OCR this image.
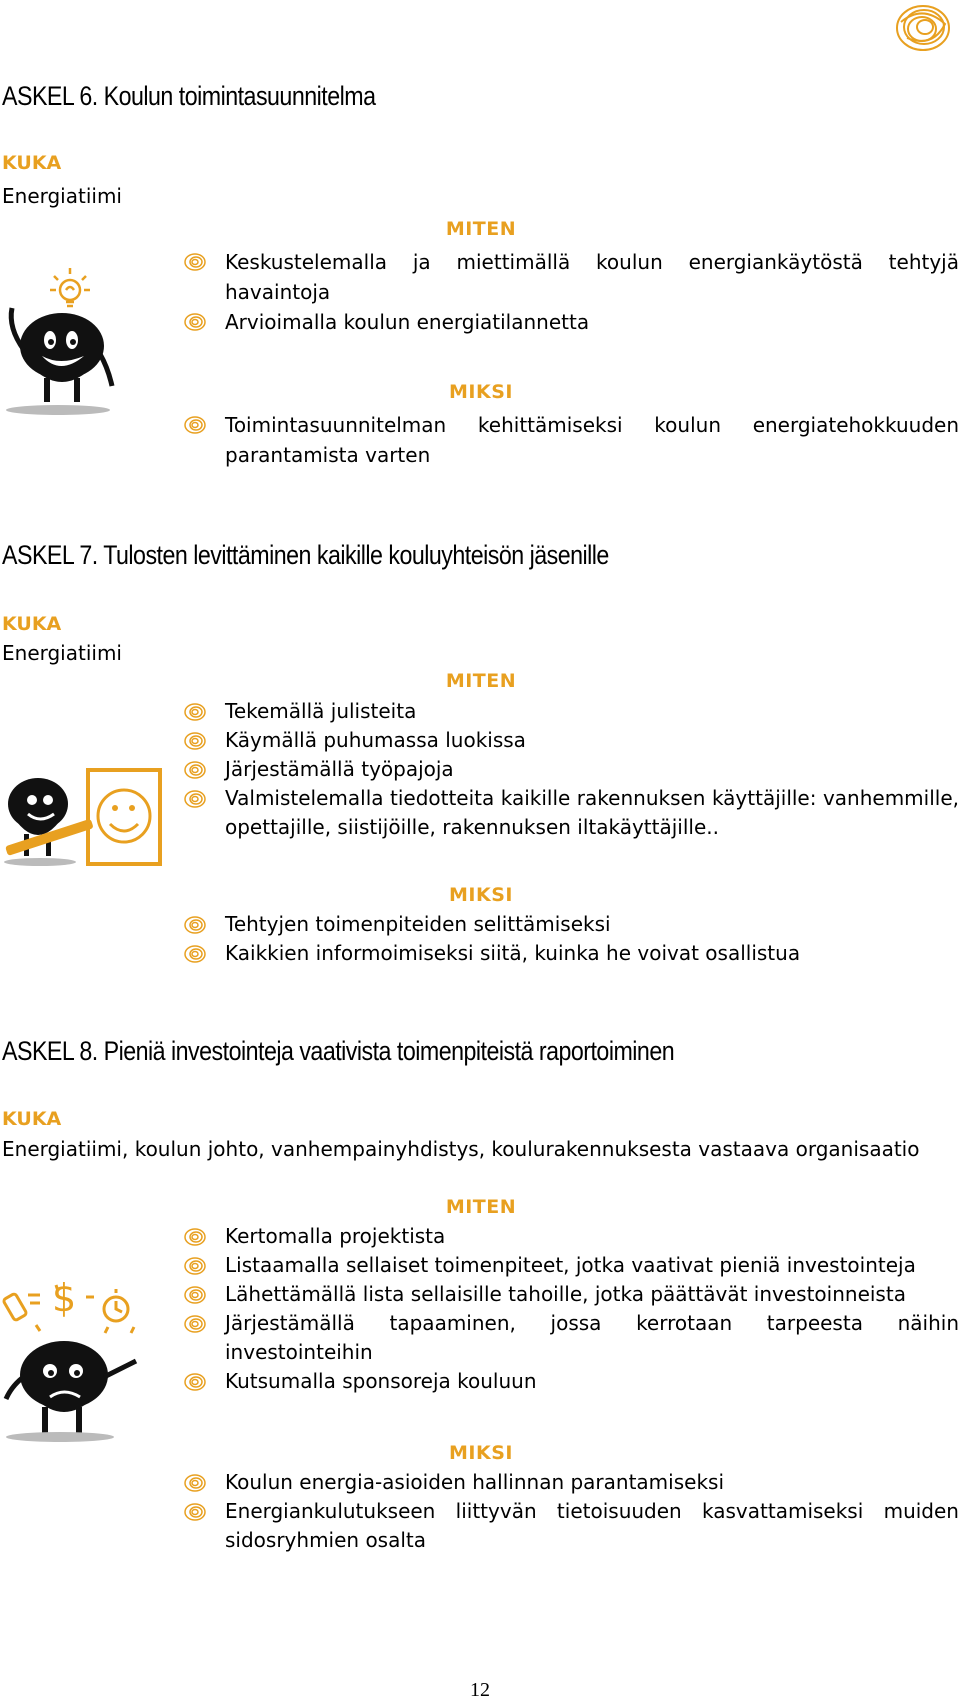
ASKEL 6. Koulun toimintasuunnitelma
KUKA
Energiatiimi
MITEN
Keskustelemalla ja miettimällä koulun energiankäytöstä tehtyjä havaintoja
Arvioimalla koulun energiatilannetta
MIKSI
Toimintasuunnitelman kehittämiseksi koulun energiatehokkuuden parantamista varten
ASKEL 7. Tulosten levittäminen kaikille kouluyhteisön jäsenille
KUKA
Energiatiimi
MITEN
Tekemällä julisteita
Käymällä puhumassa luokissa
Järjestämällä työpajoja
Valmistelemalla tiedotteita kaikille rakennuksen käyttäjille: vanhemmille, opettajille, siistijöille, rakennuksen iltakäyttäjille..
MIKSI
Tehtyjen toimenpiteiden selittämiseksi
Kaikkien informoimiseksi siitä, kuinka he voivat osallistua
ASKEL 8. Pieniä investointeja vaativista toimenpiteistä raportoiminen
KUKA
Energiatiimi, koulun johto, vanhempainyhdistys, koulurakennuksesta vastaava organisaatio
$
MITEN
Kertomalla projektista
Listaamalla sellaiset toimenpiteet, jotka vaativat pieniä investointeja
Lähettämällä lista sellaisille tahoille, jotka päättävät investoinneista
Järjestämällä tapaaminen, jossa kerrotaan tarpeesta näihin investointeihin
Kutsumalla sponsoreja kouluun
MIKSI
Koulun energia-asioiden hallinnan parantamiseksi
Energiankulutukseen liittyvän tietoisuuden kasvattamiseksi muiden sidosryhmien osalta
12
